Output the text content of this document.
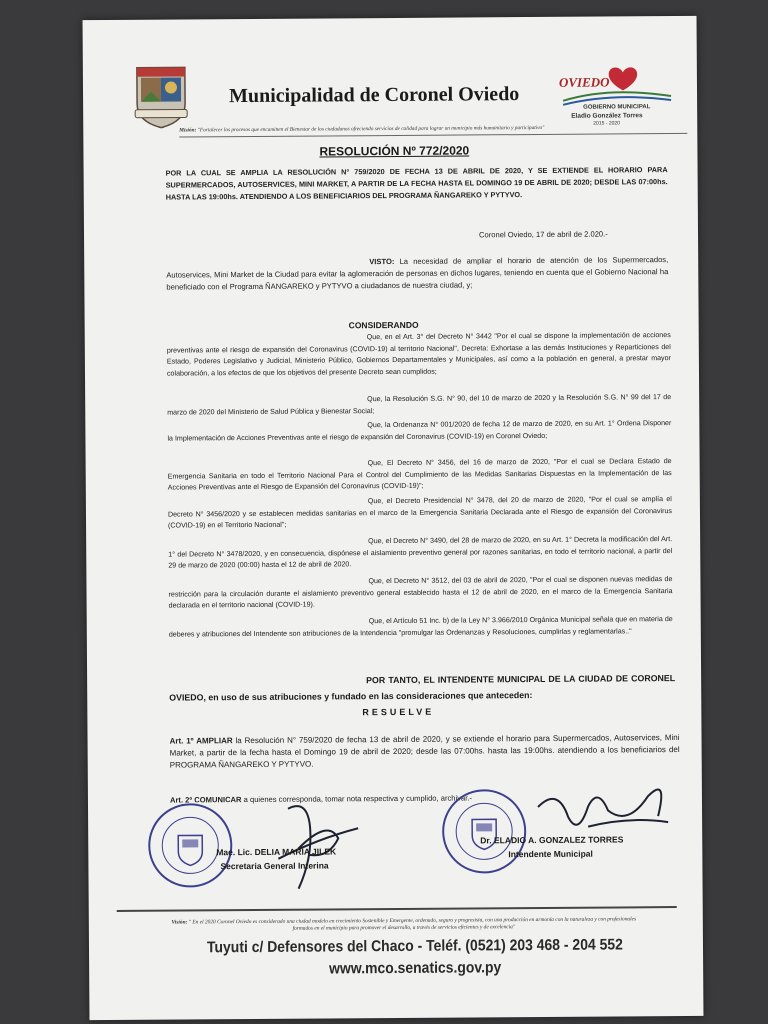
Municipalidad de Coronel Oviedo
OVIEDO
GOBIERNO MUNICIPAL
Eladio González Torres
2015 - 2020
Misión: "Fortalecer los procesos que encaminen el Bienestar de los ciudadanos ofreciendo servicios de calidad para lograr un municipio más humanitario y participativo"
RESOLUCIÓN Nº 772/2020
POR LA CUAL SE AMPLIA LA RESOLUCIÓN N° 759/2020 DE FECHA 13 DE ABRIL DE 2020, Y SE EXTIENDE EL HORARIO PARA SUPERMERCADOS, AUTOSERVICES, MINI MARKET, A PARTIR DE LA FECHA HASTA EL DOMINGO 19 DE ABRIL DE 2020; DESDE LAS 07:00hs. HASTA LAS 19:00hs. ATENDIENDO A LOS BENEFICIARIOS DEL PROGRAMA ÑANGAREKO Y PYTYVO.
Coronel Oviedo, 17 de abril de 2.020.-
VISTO: La necesidad de ampliar el horario de atención de los Supermercados, Autoservices, Mini Market de la Ciudad para evitar la aglomeración de personas en dichos lugares, teniendo en cuenta que el Gobierno Nacional ha beneficiado con el Programa ÑANGAREKO y PYTYVO a ciudadanos de nuestra ciudad, y;
CONSIDERANDO
Que, en el Art. 3° del Decreto N° 3442 "Por el cual se dispone la implementación de acciones preventivas ante el riesgo de expansión del Coronavirus (COVID-19) al territorio Nacional", Decreta: Exhortase a las demás Instituciones y Reparticiones del Estado, Poderes Legislativo y Judicial, Ministerio Público, Gobiernos Departamentales y Municipales, así como a la población en general, a prestar mayor colaboración, a los efectos de que los objetivos del presente Decreto sean cumplidos;
Que, la Resolución S.G. N° 90, del 10 de marzo de 2020 y la Resolución S.G. N° 99 del 17 de marzo de 2020 del Ministerio de Salud Pública y Bienestar Social;
Que, la Ordenanza N° 001/2020 de fecha 12 de marzo de 2020, en su Art. 1° Ordena Disponer la Implementación de Acciones Preventivas ante el riesgo de expansión del Coronavirus (COVID-19) en Coronel Oviedo;
Que, El Decreto N° 3456, del 16 de marzo de 2020, "Por el cual se Declara Estado de Emergencia Sanitaria en todo el Territorio Nacional Para el Control del Cumplimiento de las Medidas Sanitarias Dispuestas en la Implementación de las Acciones Preventivas ante el Riesgo de Expansión del Coronavirus (COVID-19)";
Que, el Decreto Presidencial N° 3478, del 20 de marzo de 2020, "Por el cual se amplía el Decreto N° 3456/2020 y se establecen medidas sanitarias en el marco de la Emergencia Sanitaria Declarada ante el Riesgo de expansión del Coronavirus (COVID-19) en el Territorio Nacional";
Que, el Decreto N° 3490, del 28 de marzo de 2020, en su Art. 1° Decreta la modificación del Art. 1° del Decreto N° 3478/2020, y en consecuencia, dispónese el aislamiento preventivo general por razones sanitarias, en todo el territorio nacional, a partir del 29 de marzo de 2020 (00:00) hasta el 12 de abril de 2020.
Que, el Decreto N° 3512, del 03 de abril de 2020, "Por el cual se disponen nuevas medidas de restricción para la circulación durante el aislamiento preventivo general establecido hasta el 12 de abril de 2020, en el marco de la Emergencia Sanitaria declarada en el territorio nacional (COVID-19).
Que, el Artículo 51 Inc. b) de la Ley N° 3.966/2010 Orgánica Municipal señala que en materia de deberes y atribuciones del Intendente son atribuciones de la Intendencia "promulgar las Ordenanzas y Resoluciones, cumplirlas y reglamentarlas.."
POR TANTO, EL INTENDENTE MUNICIPAL DE LA CIUDAD DE CORONEL OVIEDO, en uso de sus atribuciones y fundado en las consideraciones que anteceden:
RESUELVE
Art. 1º AMPLIAR la Resolución N° 759/2020 de fecha 13 de abril de 2020, y se extiende el horario para Supermercados, Autoservices, Mini Market, a partir de la fecha hasta el Domingo 19 de abril de 2020; desde las 07:00hs. hasta las 19:00hs. atendiendo a los beneficiarios del PROGRAMA ÑANGAREKO Y PYTYVO.
Art. 2º COMUNICAR a quienes corresponda, tomar nota respectiva y cumplido, archivar.-
Mae. Lic. DELIA MARIA JILEK
Secretaria General Interina
Dr. ELADIO A. GONZALEZ TORRES
Intendente Municipal
Visión: " En el 2020 Coronel Oviedo es considerado una ciudad modelo en crecimiento Sostenible y Emergente, ordenado, seguro y progresista, con una producción en armonía con la naturaleza y con profesionales formados en el municipio para promover el desarrollo, a través de servicios eficientes y de excelencia"
Tuyuti c/ Defensores del Chaco - Teléf. (0521) 203 468 - 204 552
www.mco.senatics.gov.py
